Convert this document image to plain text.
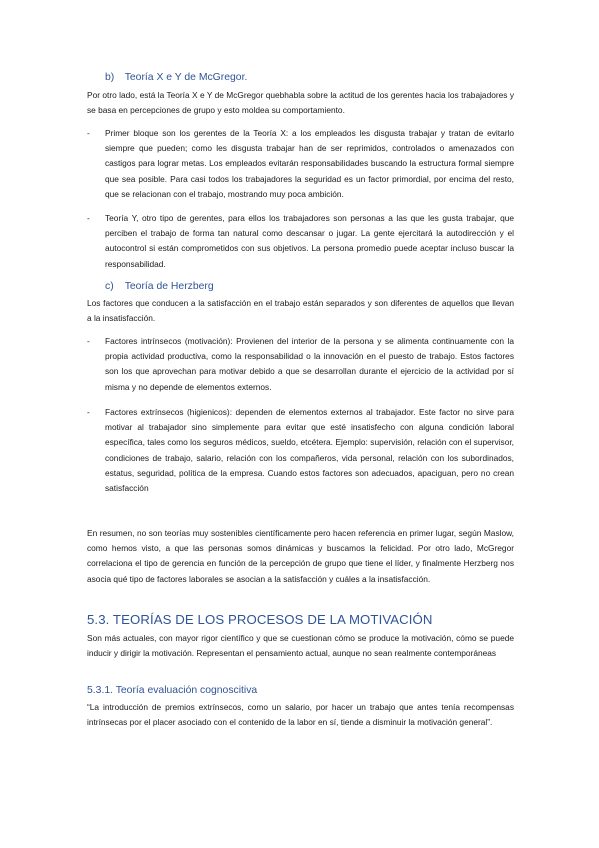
b) Teoría X e Y de McGregor.
Por otro lado, está la Teoría X e Y de McGregor quebhabla sobre la actitud de los gerentes hacia los trabajadores y se basa en percepciones de grupo y esto moldea su comportamiento.
- Primer bloque son los gerentes de la Teoría X: a los empleados les disgusta trabajar y tratan de evitarlo siempre que pueden; como les disgusta trabajar han de ser reprimidos, controlados o amenazados con castigos para lograr metas. Los empleados evitarán responsabilidades buscando la estructura formal siempre que sea posible. Para casi todos los trabajadores la seguridad es un factor primordial, por encima del resto, que se relacionan con el trabajo, mostrando muy poca ambición.
- Teoría Y, otro tipo de gerentes, para ellos los trabajadores son personas a las que les gusta trabajar, que perciben el trabajo de forma tan natural como descansar o jugar. La gente ejercitará la autodirección y el autocontrol si están comprometidos con sus objetivos. La persona promedio puede aceptar incluso buscar la responsabilidad.
c) Teoría de Herzberg
Los factores que conducen a la satisfacción en el trabajo están separados y son diferentes de aquellos que llevan a la insatisfacción.
- Factores intrínsecos (motivación): Provienen del interior de la persona y se alimenta continuamente con la propia actividad productiva, como la responsabilidad o la innovación en el puesto de trabajo. Estos factores son los que aprovechan para motivar debido a que se desarrollan durante el ejercicio de la actividad por sí misma y no depende de elementos externos.
- Factores extrínsecos (higienicos): dependen de elementos externos al trabajador. Este factor no sirve para motivar al trabajador sino simplemente para evitar que esté insatisfecho con alguna condición laboral específica, tales como los seguros médicos, sueldo, etcétera. Ejemplo: supervisión, relación con el supervisor, condiciones de trabajo, salario, relación con los compañeros, vida personal, relación con los subordinados, estatus, seguridad, política de la empresa. Cuando estos factores son adecuados, apaciguan, pero no crean satisfacción
En resumen, no son teorías muy sostenibles científicamente pero hacen referencia en primer lugar, según Maslow, como hemos visto, a que las personas somos dinámicas y buscamos la felicidad. Por otro lado, McGregor correlaciona el tipo de gerencia en función de la percepción de grupo que tiene el líder, y finalmente Herzberg nos asocia qué tipo de factores laborales se asocian a la satisfacción y cuáles a la insatisfacción.
5.3. TEORÍAS DE LOS PROCESOS DE LA MOTIVACIÓN
Son más actuales, con mayor rigor científico y que se cuestionan cómo se produce la motivación, cómo se puede inducir y dirigir la motivación. Representan el pensamiento actual, aunque no sean realmente contemporáneas
5.3.1. Teoría evaluación cognoscitiva
“La introducción de premios extrínsecos, como un salario, por hacer un trabajo que antes tenía recompensas intrínsecas por el placer asociado con el contenido de la labor en sí, tiende a disminuir la motivación general”.
